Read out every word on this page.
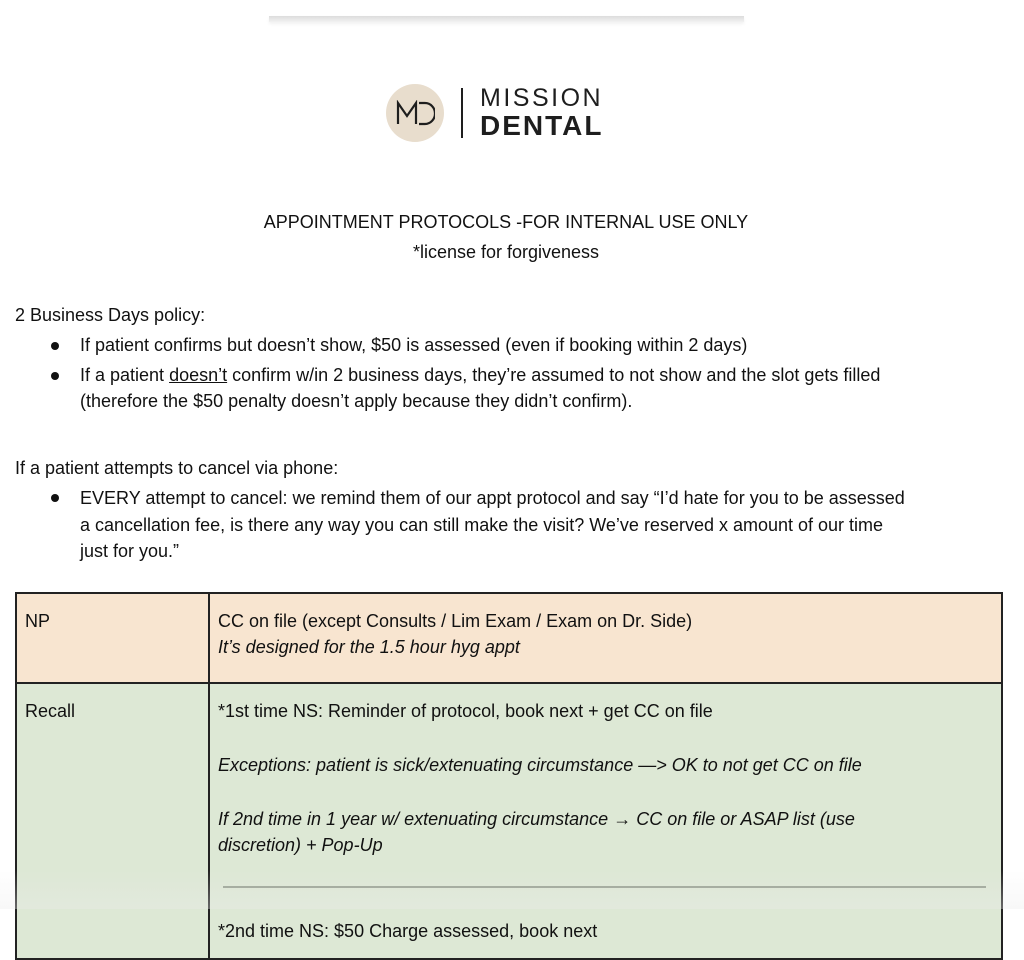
MISSION
DENTAL
APPOINTMENT PROTOCOLS -FOR INTERNAL USE ONLY
*license for forgiveness
2 Business Days policy:
If patient confirms but doesn’t show, $50 is assessed (even if booking within 2 days)
If a patient doesn’t confirm w/in 2 business days, they’re assumed to not show and the slot gets filled
(therefore the $50 penalty doesn’t apply because they didn’t confirm).
If a patient attempts to cancel via phone:
EVERY attempt to cancel: we remind them of our appt protocol and say “I’d hate for you to be assessed
a cancellation fee, is there any way you can still make the visit? We’ve reserved x amount of our time
just for you.”
NP	CC on file (except Consults / Lim Exam / Exam on Dr. Side)
It’s designed for the 1.5 hour hyg appt

Recall	*1st time NS: Reminder of protocol, book next + get CC on file
Exceptions: patient is sick/extenuating circumstance —> OK to not get CC on file
If 2nd time in 1 year w/ extenuating circumstance → CC on file or ASAP list (use
discretion) + Pop-Up
*2nd time NS: $50 Charge assessed, book next
